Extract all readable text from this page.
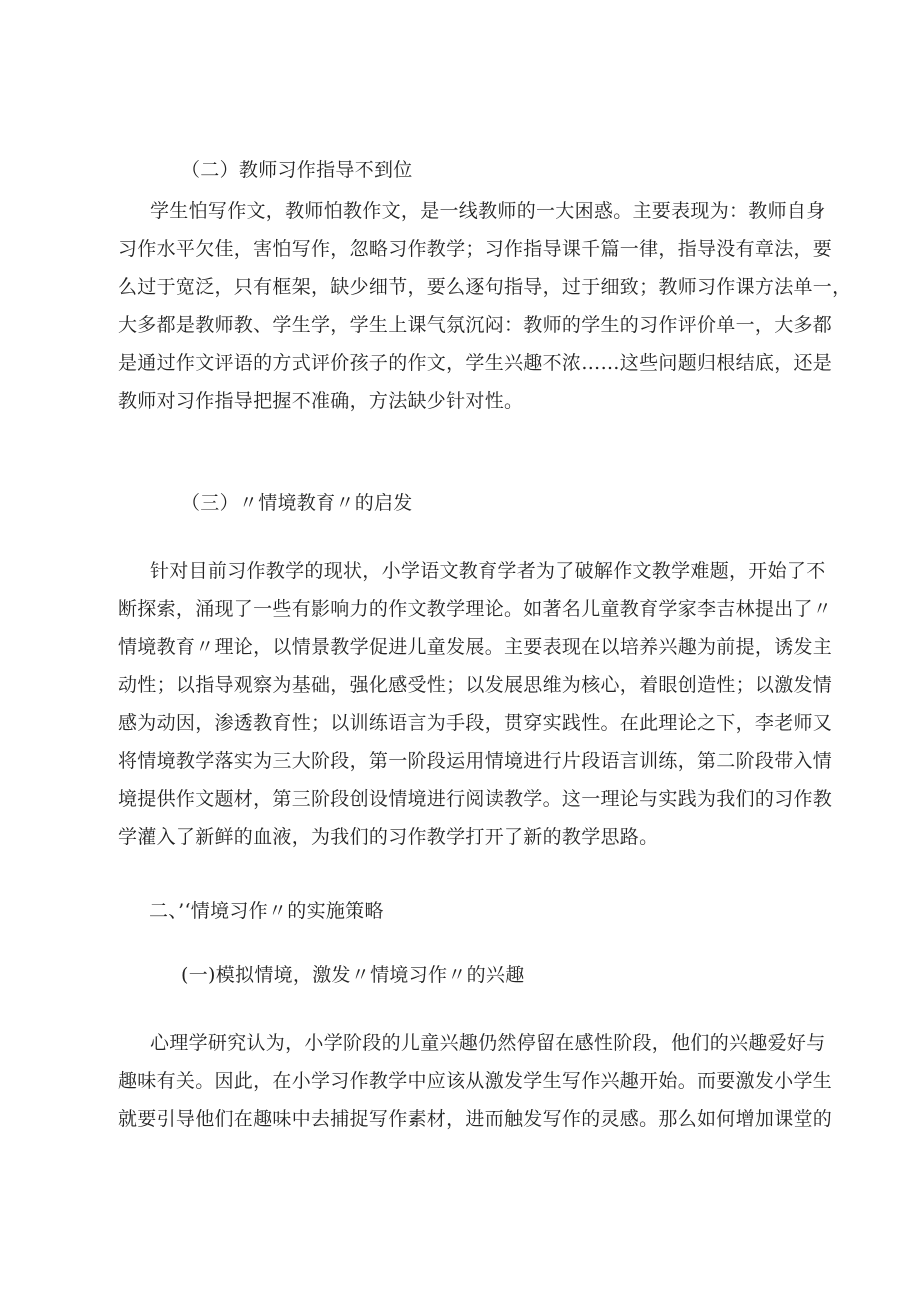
（二）教师习作指导不到位
学生怕写作文，教师怕教作文，是一线教师的一大困惑。主要表现为：教师自身
习作水平欠佳，害怕写作，忽略习作教学；习作指导课千篇一律，指导没有章法，要
么过于宽泛，只有框架，缺少细节，要么逐句指导，过于细致；教师习作课方法单一，
大多都是教师教、学生学，学生上课气氛沉闷：教师的学生的习作评价单一，大多都
是通过作文评语的方式评价孩子的作文，学生兴趣不浓……这些问题归根结底，还是
教师对习作指导把握不准确，方法缺少针对性。
（三）〃情境教育〃的启发
针对目前习作教学的现状，小学语文教育学者为了破解作文教学难题，开始了不
断探索，涌现了一些有影响力的作文教学理论。如著名儿童教育学家李吉林提出了〃
情境教育〃理论，以情景教学促进儿童发展。主要表现在以培养兴趣为前提，诱发主
动性；以指导观察为基础，强化感受性；以发展思维为核心，着眼创造性；以激发情
感为动因，渗透教育性；以训练语言为手段，贯穿实践性。在此理论之下，李老师又
将情境教学落实为三大阶段，第一阶段运用情境进行片段语言训练，第二阶段带入情
境提供作文题材，第三阶段创设情境进行阅读教学。这一理论与实践为我们的习作教
学灌入了新鲜的血液，为我们的习作教学打开了新的教学思路。
二、’‘情境习作〃的实施策略
(一)模拟情境，激发〃情境习作〃的兴趣
心理学研究认为，小学阶段的儿童兴趣仍然停留在感性阶段，他们的兴趣爱好与
趣味有关。因此，在小学习作教学中应该从激发学生写作兴趣开始。而要激发小学生
就要引导他们在趣味中去捕捉写作素材，进而触发写作的灵感。那么如何增加课堂的
